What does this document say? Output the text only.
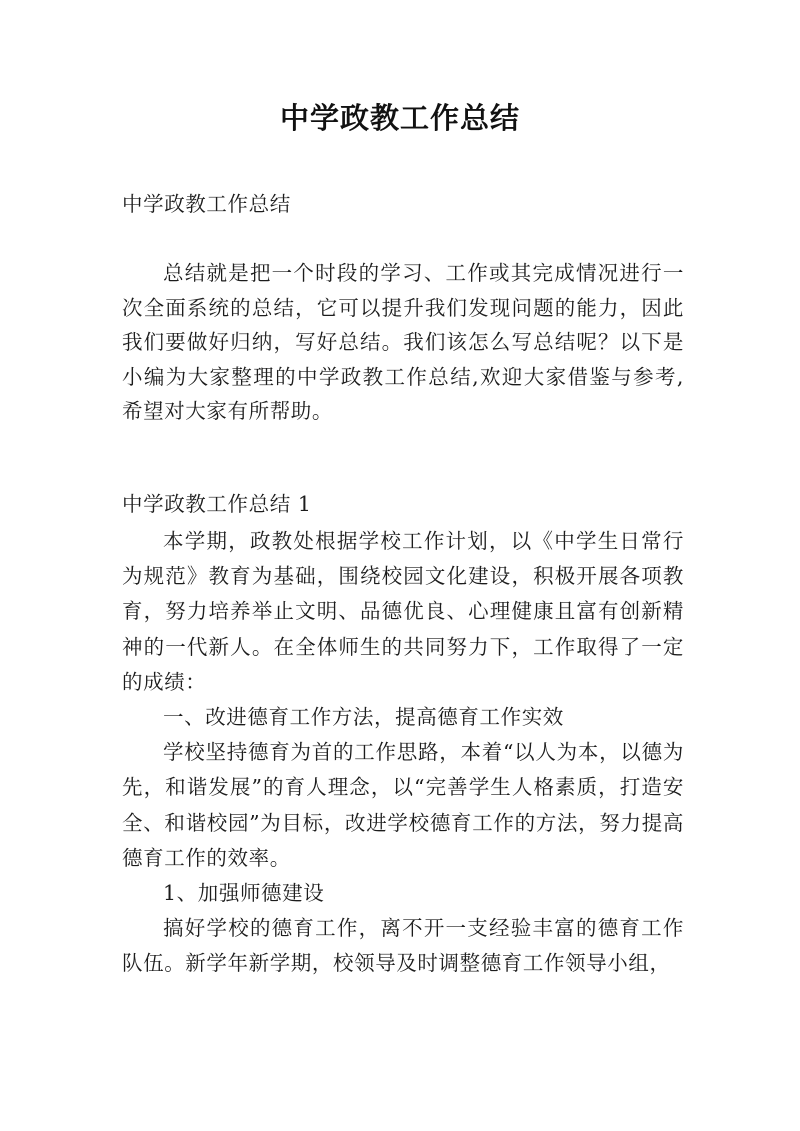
中学政教工作总结

中学政教工作总结

总结就是把一个时段的学习、工作或其完成情况进行一次全面系统的总结，它可以提升我们发现问题的能力，因此我们要做好归纳，写好总结。我们该怎么写总结呢？以下是小编为大家整理的中学政教工作总结,欢迎大家借鉴与参考,希望对大家有所帮助。

中学政教工作总结 1

本学期，政教处根据学校工作计划，以《中学生日常行为规范》教育为基础，围绕校园文化建设，积极开展各项教育，努力培养举止文明、品德优良、心理健康且富有创新精神的一代新人。在全体师生的共同努力下，工作取得了一定的成绩：

一、改进德育工作方法，提高德育工作实效

学校坚持德育为首的工作思路，本着“以人为本，以德为先，和谐发展”的育人理念，以“完善学生人格素质，打造安全、和谐校园”为目标，改进学校德育工作的方法，努力提高德育工作的效率。

1、加强师德建设

搞好学校的德育工作，离不开一支经验丰富的德育工作队伍。新学年新学期，校领导及时调整德育工作领导小组，
